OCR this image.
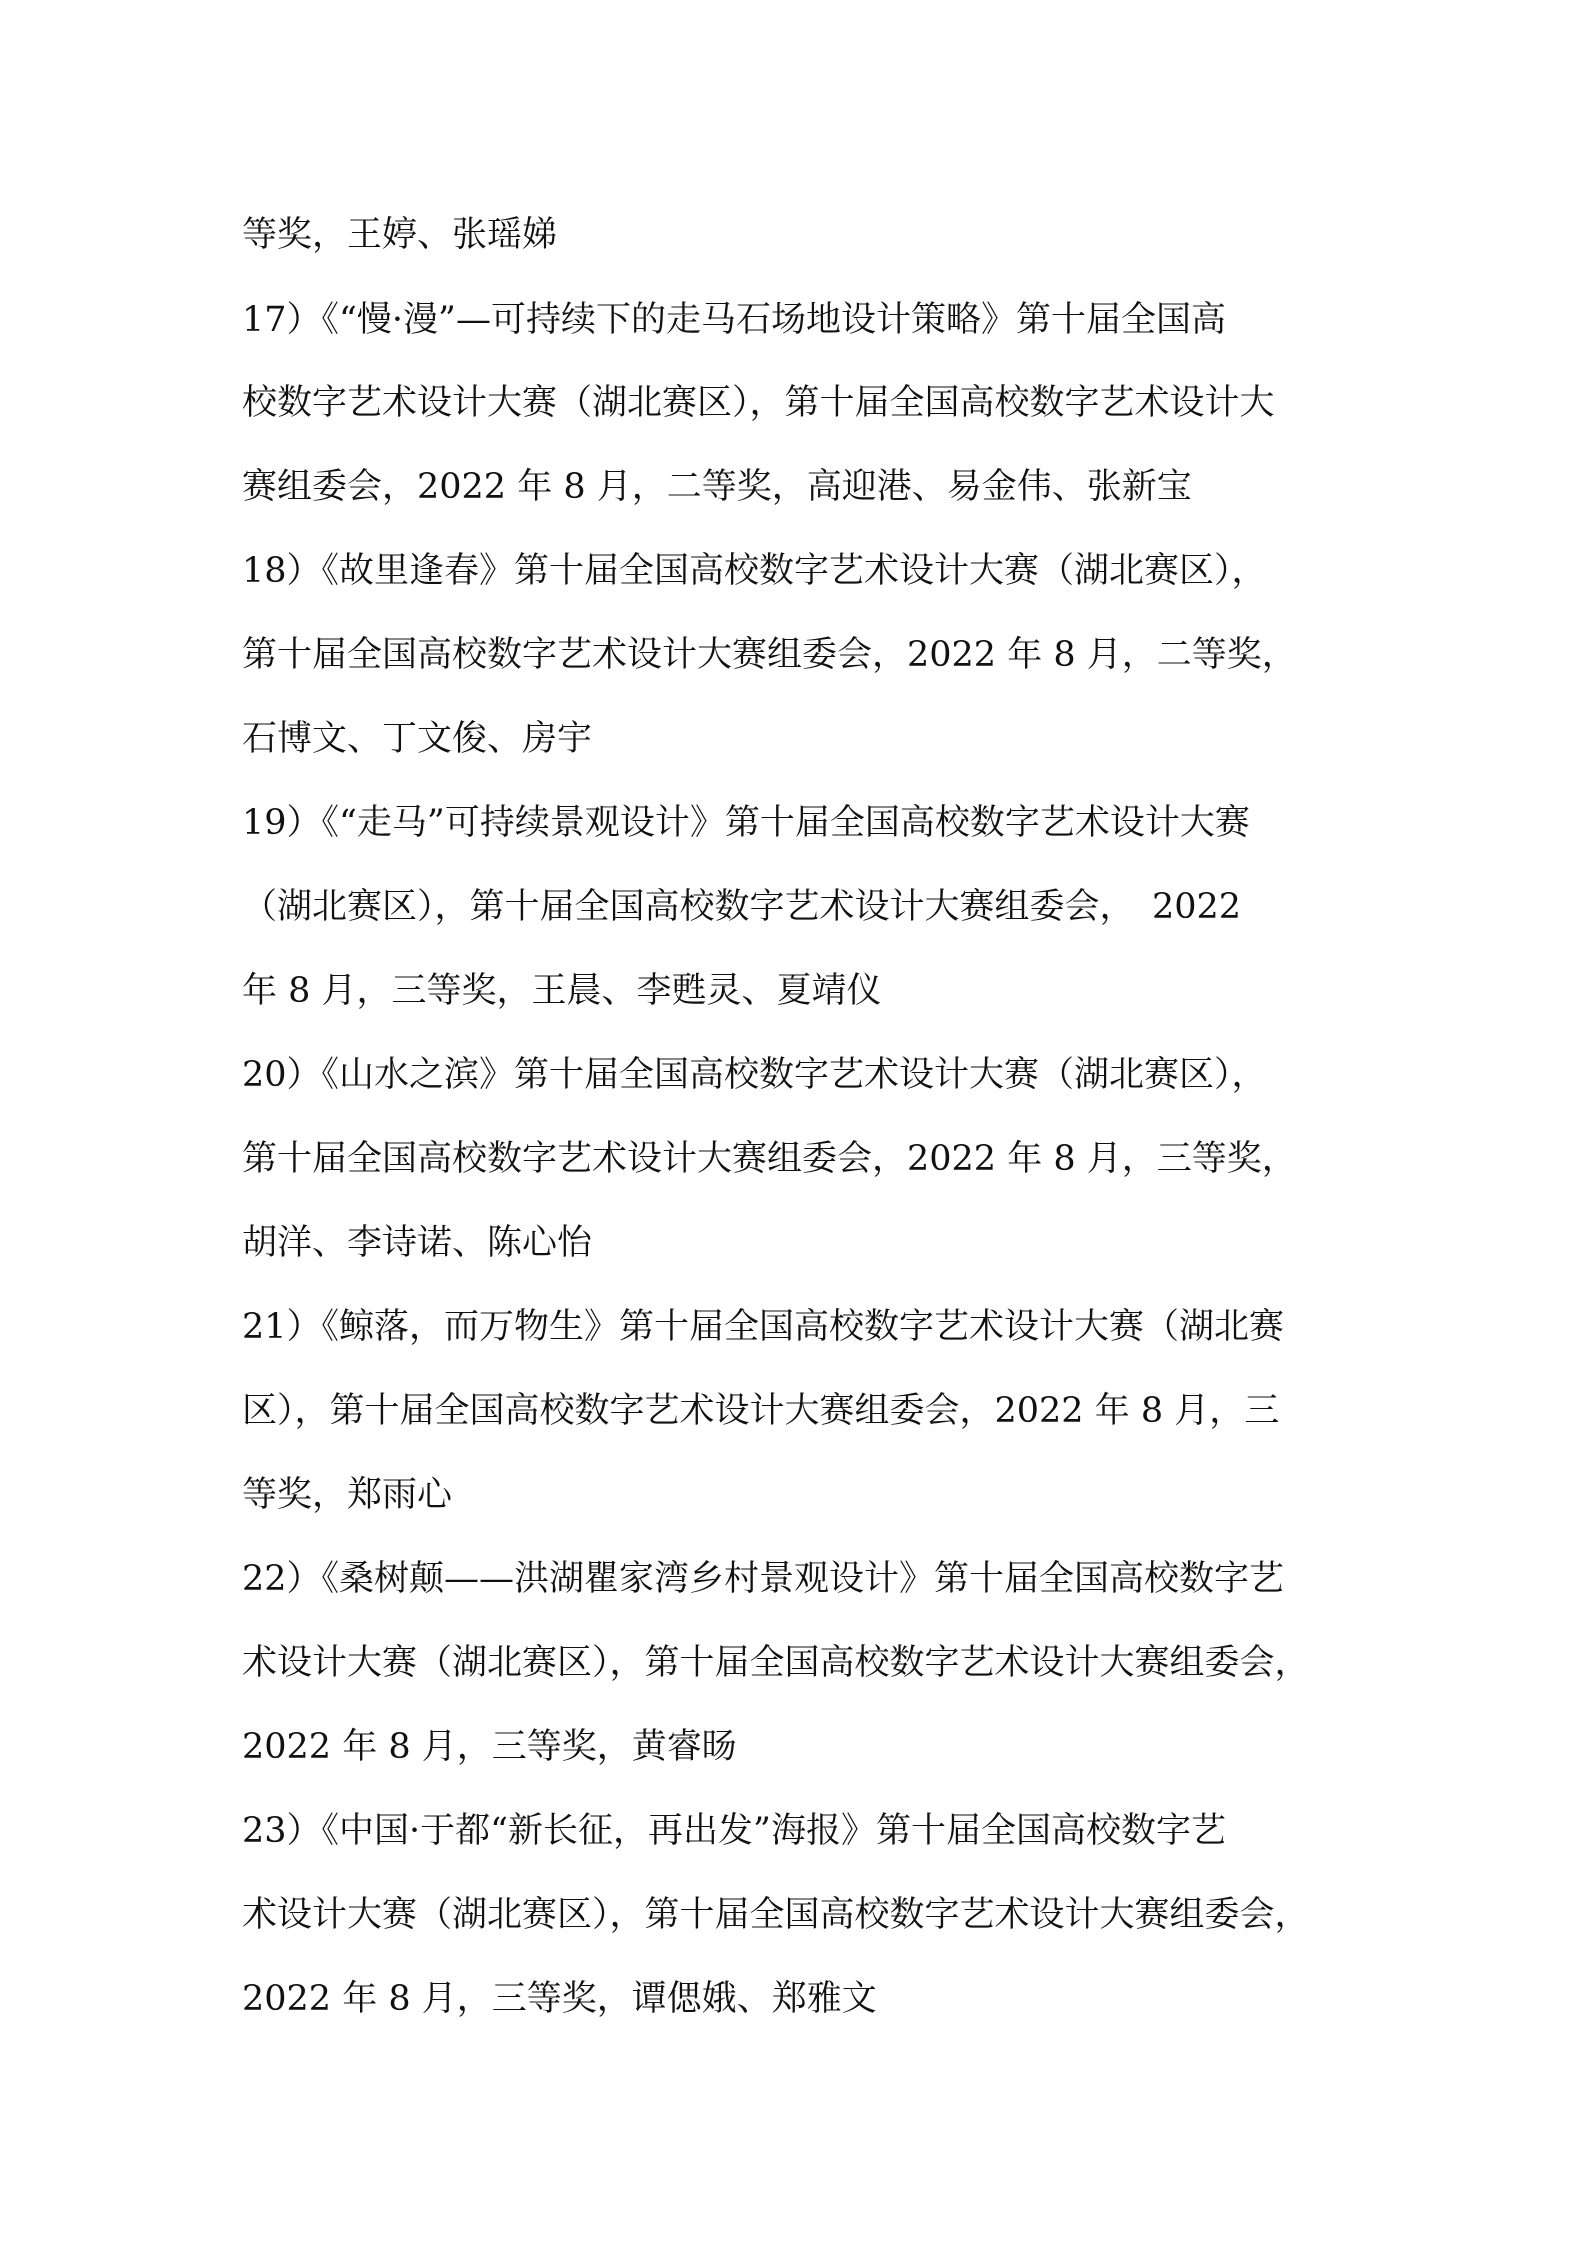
等奖，王婷、张瑶娣
17）《“慢·漫”—可持续下的走马石场地设计策略》第十届全国高
校数字艺术设计大赛（湖北赛区），第十届全国高校数字艺术设计大
赛组委会，2022 年 8 月，二等奖，高迎港、易金伟、张新宝
18）《故里逢春》第十届全国高校数字艺术设计大赛（湖北赛区），
第十届全国高校数字艺术设计大赛组委会，2022 年 8 月，二等奖，
石博文、丁文俊、房宇
19）《“走马”可持续景观设计》第十届全国高校数字艺术设计大赛
（湖北赛区），第十届全国高校数字艺术设计大赛组委会，　2022
年 8 月，三等奖，王晨、李甦灵、夏靖仪
20）《山水之滨》第十届全国高校数字艺术设计大赛（湖北赛区），
第十届全国高校数字艺术设计大赛组委会，2022 年 8 月，三等奖，
胡洋、李诗诺、陈心怡
21）《鲸落，而万物生》第十届全国高校数字艺术设计大赛（湖北赛
区），第十届全国高校数字艺术设计大赛组委会，2022 年 8 月，三
等奖，郑雨心
22）《桑树颠——洪湖瞿家湾乡村景观设计》第十届全国高校数字艺
术设计大赛（湖北赛区），第十届全国高校数字艺术设计大赛组委会，
2022 年 8 月，三等奖，黄睿旸
23）《中国·于都“新长征，再出发”海报》第十届全国高校数字艺
术设计大赛（湖北赛区），第十届全国高校数字艺术设计大赛组委会，
2022 年 8 月，三等奖，谭偲娥、郑雅文
